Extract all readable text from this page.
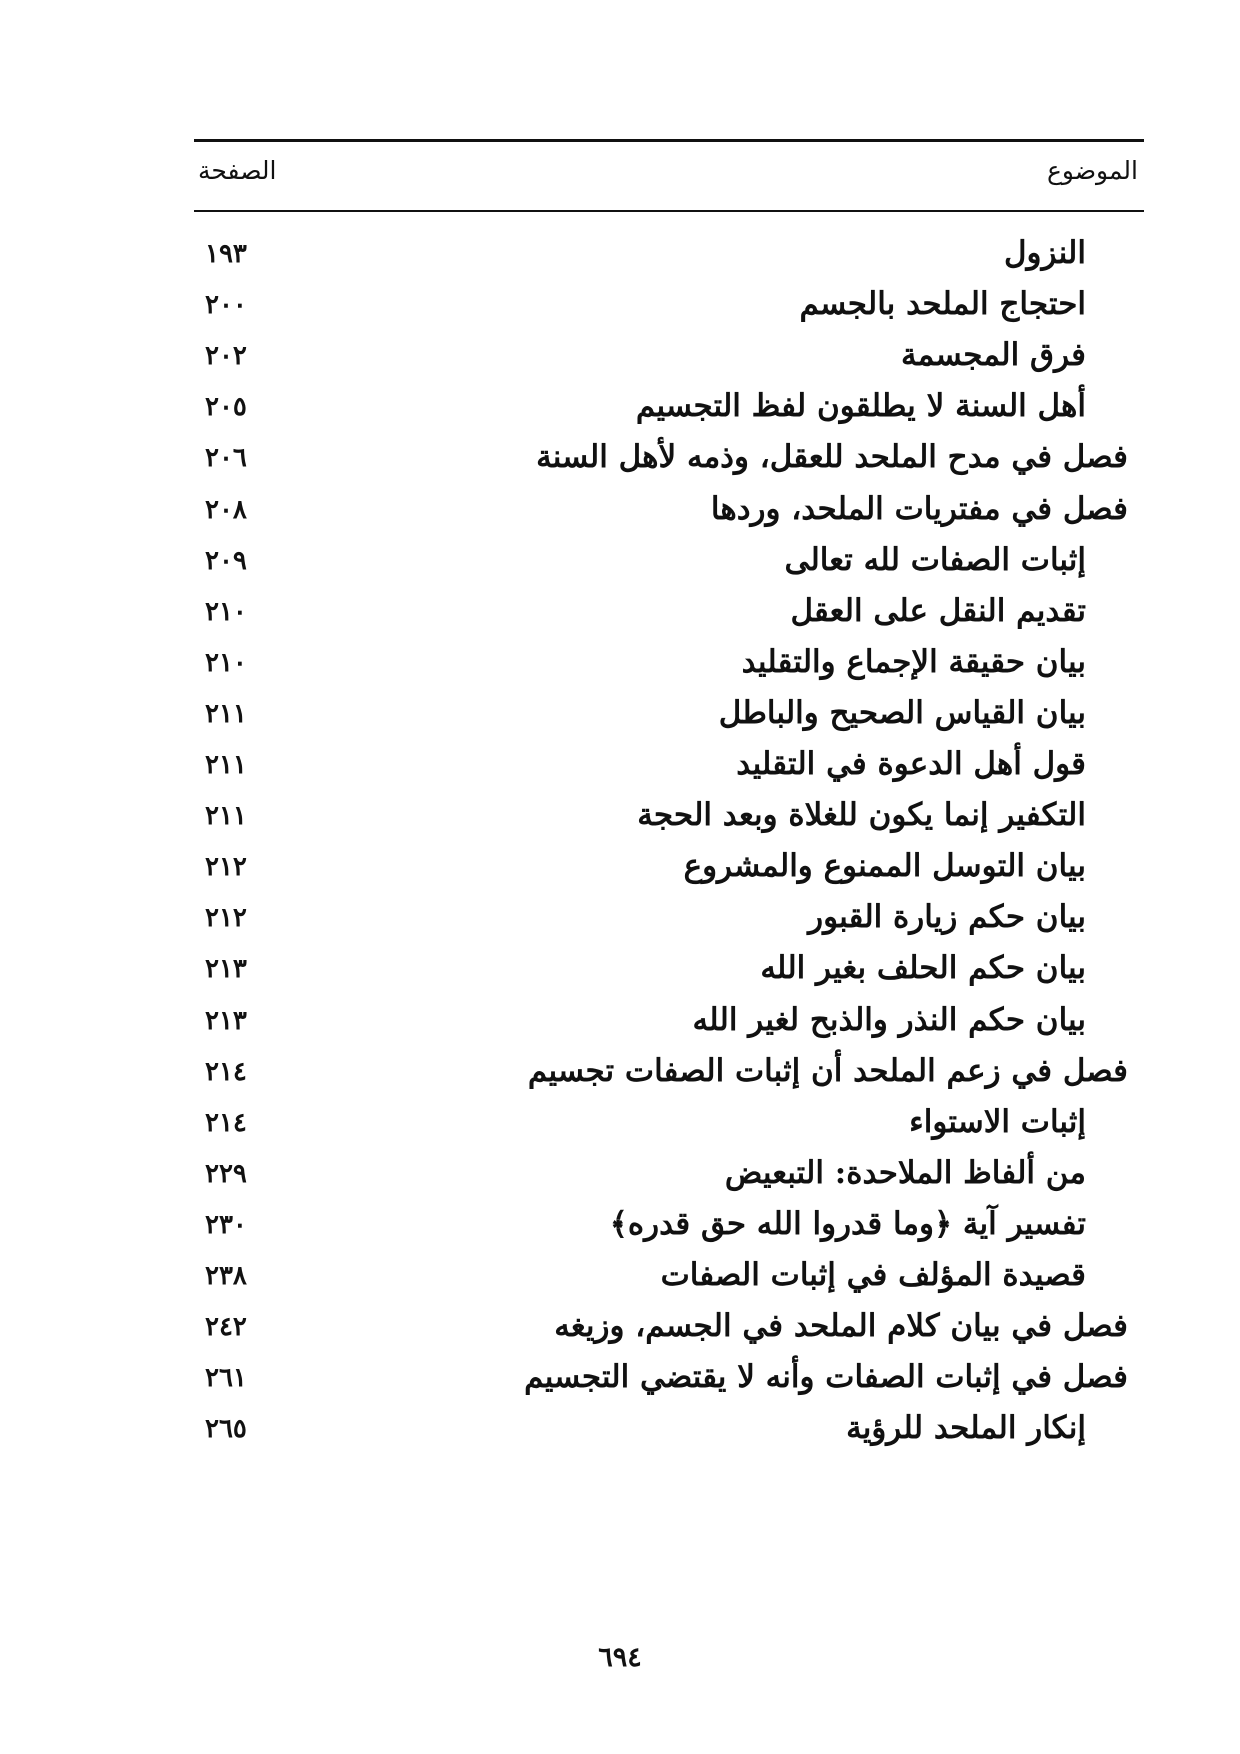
الموضوع
الصفحة
النزول
١٩٣
احتجاج الملحد بالجسم
٢٠٠
فرق المجسمة
٢٠٢
أهل السنة لا يطلقون لفظ التجسيم
٢٠٥
فصل في مدح الملحد للعقل، وذمه لأهل السنة
٢٠٦
فصل في مفتريات الملحد، وردها
٢٠٨
إثبات الصفات لله تعالى
٢٠٩
تقديم النقل على العقل
٢١٠
بيان حقيقة الإجماع والتقليد
٢١٠
بيان القياس الصحيح والباطل
٢١١
قول أهل الدعوة في التقليد
٢١١
التكفير إنما يكون للغلاة وبعد الحجة
٢١١
بيان التوسل الممنوع والمشروع
٢١٢
بيان حكم زيارة القبور
٢١٢
بيان حكم الحلف بغير الله
٢١٣
بيان حكم النذر والذبح لغير الله
٢١٣
فصل في زعم الملحد أن إثبات الصفات تجسيم
٢١٤
إثبات الاستواء
٢١٤
من ألفاظ الملاحدة: التبعيض
٢٢٩
تفسير آية ﴿وما قدروا الله حق قدره﴾
٢٣٠
قصيدة المؤلف في إثبات الصفات
٢٣٨
فصل في بيان كلام الملحد في الجسم، وزيغه
٢٤٢
فصل في إثبات الصفات وأنه لا يقتضي التجسيم
٢٦١
إنكار الملحد للرؤية
٢٦٥
٦٩٤
